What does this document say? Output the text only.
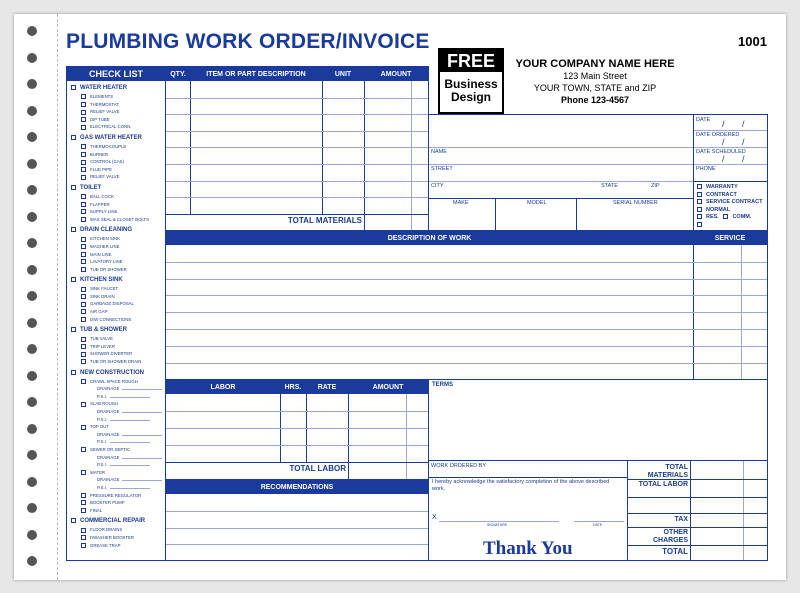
PLUMBING WORK ORDER/INVOICE	1001
FREE
Business
Design
YOUR COMPANY NAME HERE
123 Main Street
YOUR TOWN, STATE and ZIP
Phone 123-4567
CHECK LIST
WATER HEATER
ELEMENTS
THERMOSTAT
RELIEF VALVE
DIP TUBE
ELECTRICAL CONN.
GAS WATER HEATER
THERMOCOUPLE
BURNER
CONTROL (GAS)
FLUE PIPE
RELIEF VALVE
TOILET
BALL COCK
FLAPPER
SUPPLY LINE
WAX SEAL & CLOSET BOLTS
DRAIN CLEANING
KITCHEN SINK
WASHER LINE
MAIN LINE
LAVATORY LINE
TUB OR SHOWER
KITCHEN SINK
SINK FAUCET
SINK DRAIN
GARBAGE DISPOSAL
AIR GAP
D/W CONNECTIONS
TUB & SHOWER
TUB VALVE
TRIP LEVER
SHOWER DIVERTER
TUB OR SHOWER DRAIN
NEW CONSTRUCTION
CRAWL SPACE ROUGH
DRAINAGE
P.S.I.
SLAB ROUGH
DRAINAGE
P.S.I.
TOP OUT
DRAINAGE
P.S.I.
SEWER OR SEPTIC
DRAINAGE
P.S.I.
WATER
DRAINAGE
P.S.I.
PRESSURE REGULATOR
BOOSTER PUMP
FINAL
COMMERCIAL REPAIR
FLOOR DRAINS
DWASHER BOOSTER
GREASE TRAP
QTY.	ITEM OR PART DESCRIPTION	UNIT	AMOUNT
TOTAL MATERIALS
NAME
STREET
CITY	STATE	ZIP
MAKE	MODEL	SERIAL NUMBER
DATE /       /
DATE ORDERED
/       /
DATE SCHEDULED
/       /
PHONE
WARRANTY
CONTRACT
SERVICE CONTRACT
NORMAL
RES. COMM.
DESCRIPTION OF WORK	SERVICE
LABOR	HRS.	RATE	AMOUNT
TOTAL LABOR
RECOMMENDATIONS
TERMS
WORK ORDERED BY
I hereby acknowledge the satisfactory completion of the above described work.
X
SIGNATURE	DATE
Thank You
TOTAL MATERIALS
TOTAL LABOR
TAX
OTHER CHARGES
TOTAL
